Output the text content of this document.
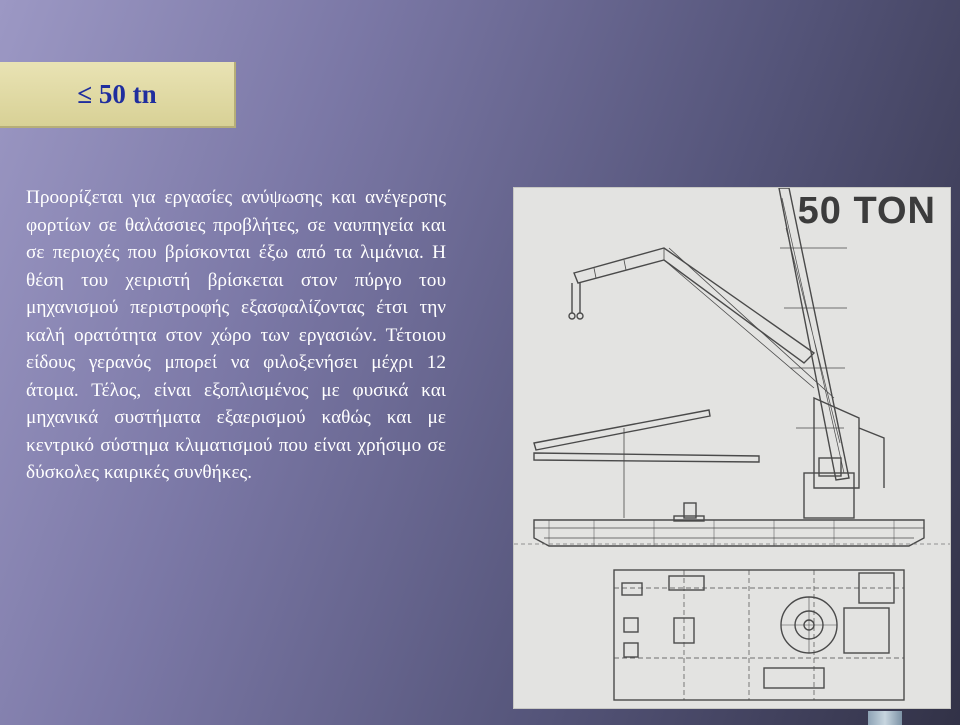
≤ 50 tn

Προορίζεται για εργασίες ανύψωσης και ανέγερσης φορτίων σε θαλάσσιες προβλήτες, σε ναυπηγεία και σε περιοχές που βρίσκονται έξω από τα λιμάνια. Η θέση του χειριστή βρίσκεται στον πύργο του μηχανισμού περιστροφής εξασφαλίζοντας έτσι την καλή ορατότητα στον χώρο των εργασιών. Τέτοιου είδους γερανός μπορεί να φιλοξενήσει μέχρι 12 άτομα. Τέλος, είναι εξοπλισμένος με φυσικά και μηχανικά συστήματα εξαερισμού καθώς και με κεντρικό σύστημα κλιματισμού που είναι χρήσιμο σε δύσκολες καιρικές συνθήκες.

50 TON
